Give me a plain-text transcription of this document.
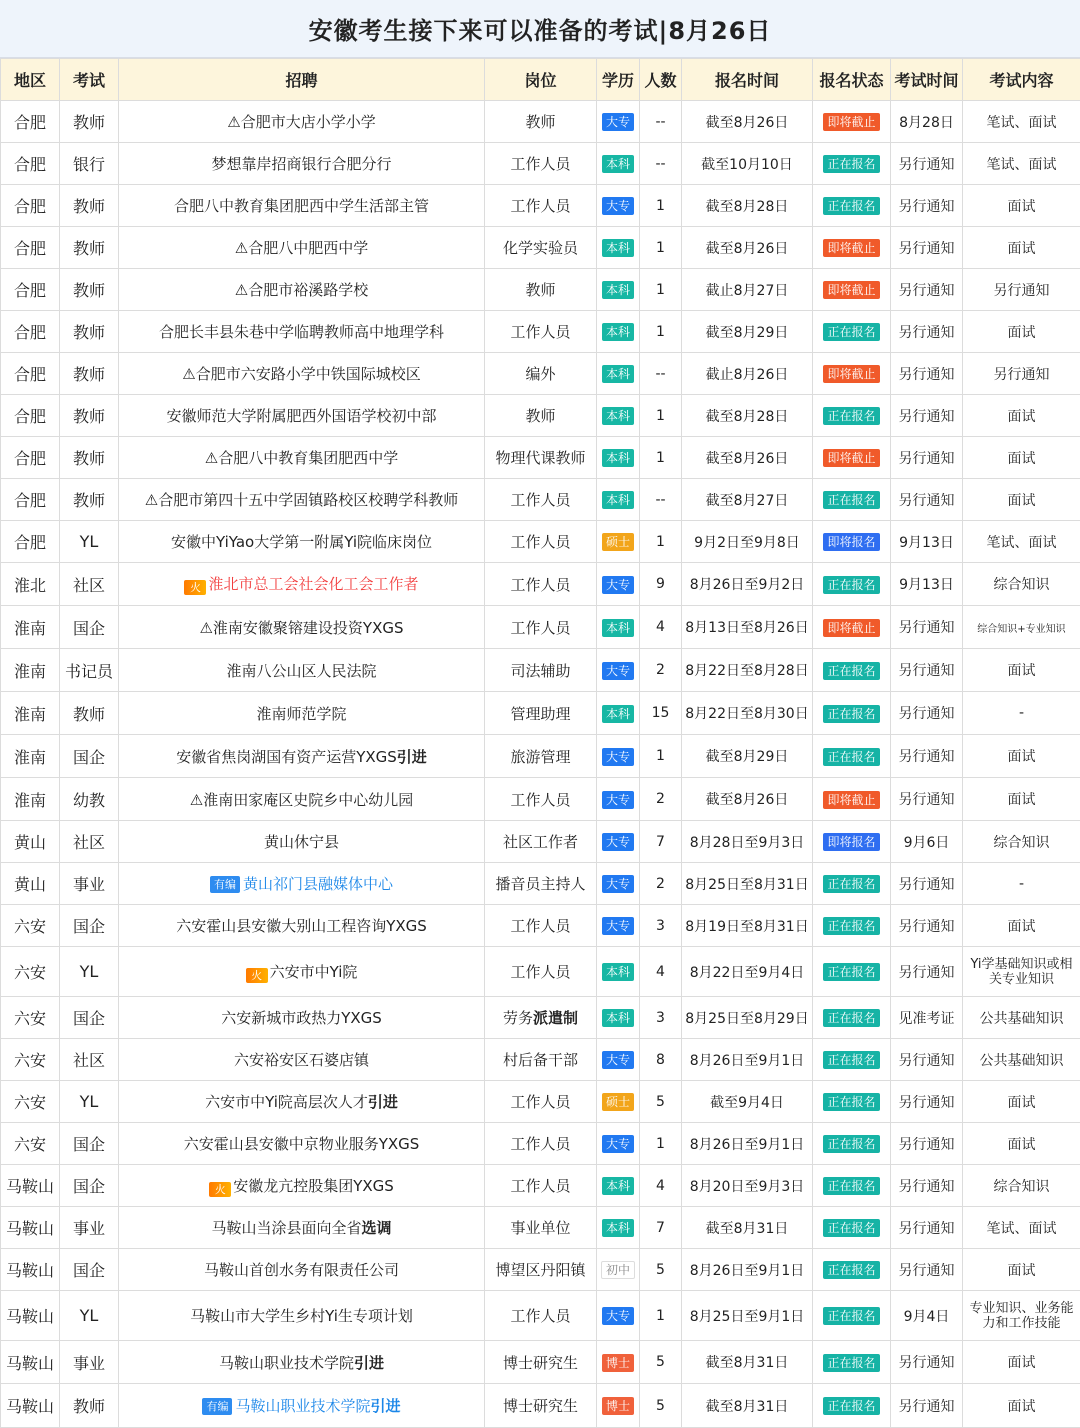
安徽考生接下来可以准备的考试|8月26日
地区	考试	招聘	岗位	学历	人数	报名时间	报名状态	考试时间	考试内容
合肥	教师	⚠合肥市大店小学小学	教师	大专	--	截至8月26日	即将截止	8月28日	笔试、面试
合肥	银行	梦想靠岸招商银行合肥分行	工作人员	本科	--	截至10月10日	正在报名	另行通知	笔试、面试
合肥	教师	合肥八中教育集团肥西中学生活部主管	工作人员	大专	1	截至8月28日	正在报名	另行通知	面试
合肥	教师	⚠合肥八中肥西中学	化学实验员	本科	1	截至8月26日	即将截止	另行通知	面试
合肥	教师	⚠合肥市裕溪路学校	教师	本科	1	截止8月27日	即将截止	另行通知	另行通知
合肥	教师	合肥长丰县朱巷中学临聘教师高中地理学科	工作人员	本科	1	截至8月29日	正在报名	另行通知	面试
合肥	教师	⚠合肥市六安路小学中铁国际城校区	编外	本科	--	截止8月26日	即将截止	另行通知	另行通知
合肥	教师	安徽师范大学附属肥西外国语学校初中部	教师	本科	1	截至8月28日	正在报名	另行通知	面试
合肥	教师	⚠合肥八中教育集团肥西中学	物理代课教师	本科	1	截至8月26日	即将截止	另行通知	面试
合肥	教师	⚠合肥市第四十五中学固镇路校区校聘学科教师	工作人员	本科	--	截至8月27日	正在报名	另行通知	面试
合肥	YL	安徽中YiYao大学第一附属Yi院临床岗位	工作人员	硕士	1	9月2日至9月8日	即将报名	9月13日	笔试、面试
淮北	社区	火 淮北市总工会社会化工会工作者	工作人员	大专	9	8月26日至9月2日	正在报名	9月13日	综合知识
淮南	国企	⚠淮南安徽聚镕建设投资YXGS	工作人员	本科	4	8月13日至8月26日	即将截止	另行通知	综合知识+专业知识
淮南	书记员	淮南八公山区人民法院	司法辅助	大专	2	8月22日至8月28日	正在报名	另行通知	面试
淮南	教师	淮南师范学院	管理助理	本科	15	8月22日至8月30日	正在报名	另行通知	-
淮南	国企	安徽省焦岗湖国有资产运营YXGS引进	旅游管理	大专	1	截至8月29日	正在报名	另行通知	面试
淮南	幼教	⚠淮南田家庵区史院乡中心幼儿园	工作人员	大专	2	截至8月26日	即将截止	另行通知	面试
黄山	社区	黄山休宁县	社区工作者	大专	7	8月28日至9月3日	即将报名	9月6日	综合知识
黄山	事业	有编 黄山祁门县融媒体中心	播音员主持人	大专	2	8月25日至8月31日	正在报名	另行通知	-
六安	国企	六安霍山县安徽大别山工程咨询YXGS	工作人员	大专	3	8月19日至8月31日	正在报名	另行通知	面试
六安	YL	火 六安市中Yi院	工作人员	本科	4	8月22日至9月4日	正在报名	另行通知	Yi学基础知识或相关专业知识
六安	国企	六安新城市政热力YXGS	劳务派遣制	本科	3	8月25日至8月29日	正在报名	见准考证	公共基础知识
六安	社区	六安裕安区石婆店镇	村后备干部	大专	8	8月26日至9月1日	正在报名	另行通知	公共基础知识
六安	YL	六安市中Yi院高层次人才引进	工作人员	硕士	5	截至9月4日	正在报名	另行通知	面试
六安	国企	六安霍山县安徽中京物业服务YXGS	工作人员	大专	1	8月26日至9月1日	正在报名	另行通知	面试
马鞍山	国企	火 安徽龙亢控股集团YXGS	工作人员	本科	4	8月20日至9月3日	正在报名	另行通知	综合知识
马鞍山	事业	马鞍山当涂县面向全省选调	事业单位	本科	7	截至8月31日	正在报名	另行通知	笔试、面试
马鞍山	国企	马鞍山首创水务有限责任公司	博望区丹阳镇	初中	5	8月26日至9月1日	正在报名	另行通知	面试
马鞍山	YL	马鞍山市大学生乡村Yi生专项计划	工作人员	大专	1	8月25日至9月1日	正在报名	9月4日	专业知识、业务能力和工作技能
马鞍山	事业	马鞍山职业技术学院引进	博士研究生	博士	5	截至8月31日	正在报名	另行通知	面试
马鞍山	教师	有编 马鞍山职业技术学院引进	博士研究生	博士	5	截至8月31日	正在报名	另行通知	面试
